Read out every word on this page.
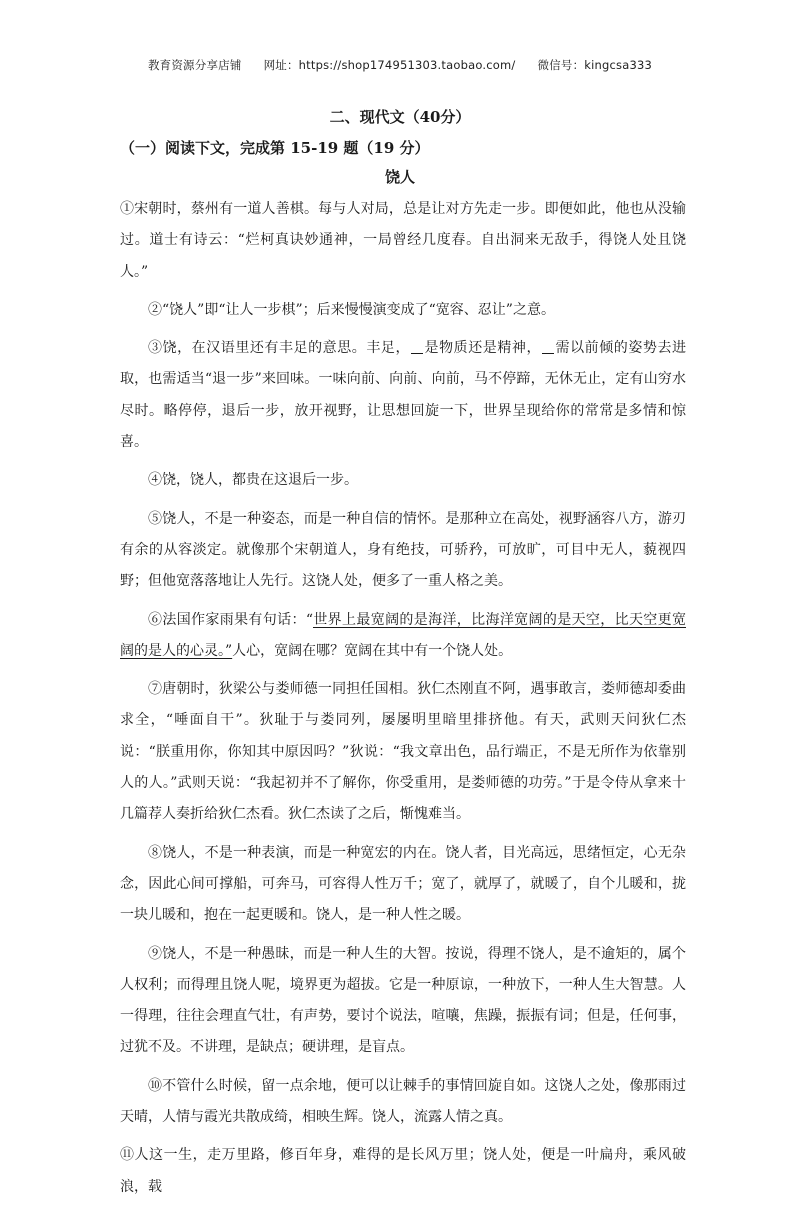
教育资源分享店铺 网址：https://shop174951303.taobao.com/ 微信号：kingcsa333
二、现代文（40分）
（一）阅读下文，完成第 15-19 题（19 分）
饶人

①宋朝时，蔡州有一道人善棋。每与人对局，总是让对方先走一步。即便如此，他也从没输过。道士有诗云：“烂柯真诀妙通神，一局曾经几度春。自出洞来无敌手，得饶人处且饶人。”

②“饶人”即“让人一步棋”；后来慢慢演变成了“宽容、忍让”之意。

③饶，在汉语里还有丰足的意思。丰足， 是物质还是精神， 需以前倾的姿势去进取，也需适当“退一步”来回味。一味向前、向前、向前，马不停蹄，无休无止，定有山穷水尽时。略停停，退后一步，放开视野，让思想回旋一下，世界呈现给你的常常是多情和惊喜。

④饶，饶人，都贵在这退后一步。

⑤饶人，不是一种姿态，而是一种自信的情怀。是那种立在高处，视野涵容八方，游刃有余的从容淡定。就像那个宋朝道人，身有绝技，可骄矜，可放旷，可目中无人，藐视四野；但他宽落落地让人先行。这饶人处，便多了一重人格之美。

⑥法国作家雨果有句话：“世界上最宽阔的是海洋，比海洋宽阔的是天空，比天空更宽阔的是人的心灵。”人心，宽阔在哪？宽阔在其中有一个饶人处。

⑦唐朝时，狄梁公与娄师德一同担任国相。狄仁杰刚直不阿，遇事敢言，娄师德却委曲求全，“唾面自干”。狄耻于与娄同列，屡屡明里暗里排挤他。有天，武则天问狄仁杰说：“朕重用你，你知其中原因吗？”狄说：“我文章出色，品行端正，不是无所作为依靠别人的人。”武则天说：“我起初并不了解你，你受重用，是娄师德的功劳。”于是令侍从拿来十几篇荐人奏折给狄仁杰看。狄仁杰读了之后，惭愧难当。

⑧饶人，不是一种表演，而是一种宽宏的内在。饶人者，目光高远，思绪恒定，心无杂念，因此心间可撑船，可奔马，可容得人性万千；宽了，就厚了，就暖了，自个儿暖和，拢一块儿暖和，抱在一起更暖和。饶人，是一种人性之暖。

⑨饶人，不是一种愚昧，而是一种人生的大智。按说，得理不饶人，是不逾矩的，属个人权利；而得理且饶人呢，境界更为超拔。它是一种原谅，一种放下，一种人生大智慧。人一得理，往往会理直气壮，有声势，要讨个说法，喧嚷，焦躁，振振有词；但是，任何事，过犹不及。不讲理，是缺点；硬讲理，是盲点。

⑩不管什么时候，留一点余地，便可以让棘手的事情回旋自如。这饶人之处，像那雨过天晴，人情与霞光共散成绮，相映生辉。饶人，流露人情之真。

⑪人这一生，走万里路，修百年身，难得的是长风万里；饶人处，便是一叶扁舟，乘风破浪，载
